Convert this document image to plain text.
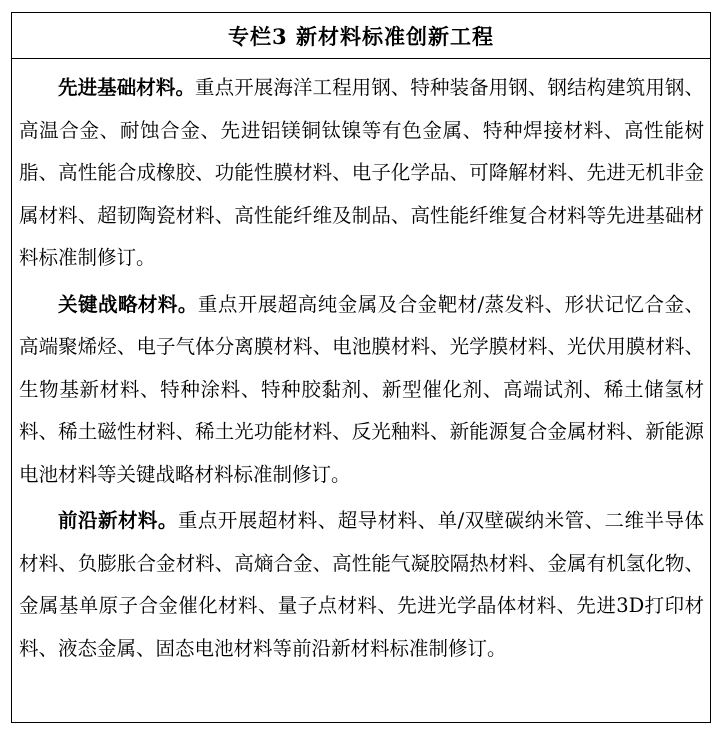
专栏3 新材料标准创新工程

先进基础材料。重点开展海洋工程用钢、特种装备用钢、钢结构建筑用钢、高温合金、耐蚀合金、先进铝镁铜钛镍等有色金属、特种焊接材料、高性能树脂、高性能合成橡胶、功能性膜材料、电子化学品、可降解材料、先进无机非金属材料、超韧陶瓷材料、高性能纤维及制品、高性能纤维复合材料等先进基础材料标准制修订。

关键战略材料。重点开展超高纯金属及合金靶材/蒸发料、形状记忆合金、高端聚烯烃、电子气体分离膜材料、电池膜材料、光学膜材料、光伏用膜材料、生物基新材料、特种涂料、特种胶黏剂、新型催化剂、高端试剂、稀土储氢材料、稀土磁性材料、稀土光功能材料、反光釉料、新能源复合金属材料、新能源电池材料等关键战略材料标准制修订。

前沿新材料。重点开展超材料、超导材料、单/双壁碳纳米管、二维半导体材料、负膨胀合金材料、高熵合金、高性能气凝胶隔热材料、金属有机氢化物、金属基单原子合金催化材料、量子点材料、先进光学晶体材料、先进3D打印材料、液态金属、固态电池材料等前沿新材料标准制修订。
